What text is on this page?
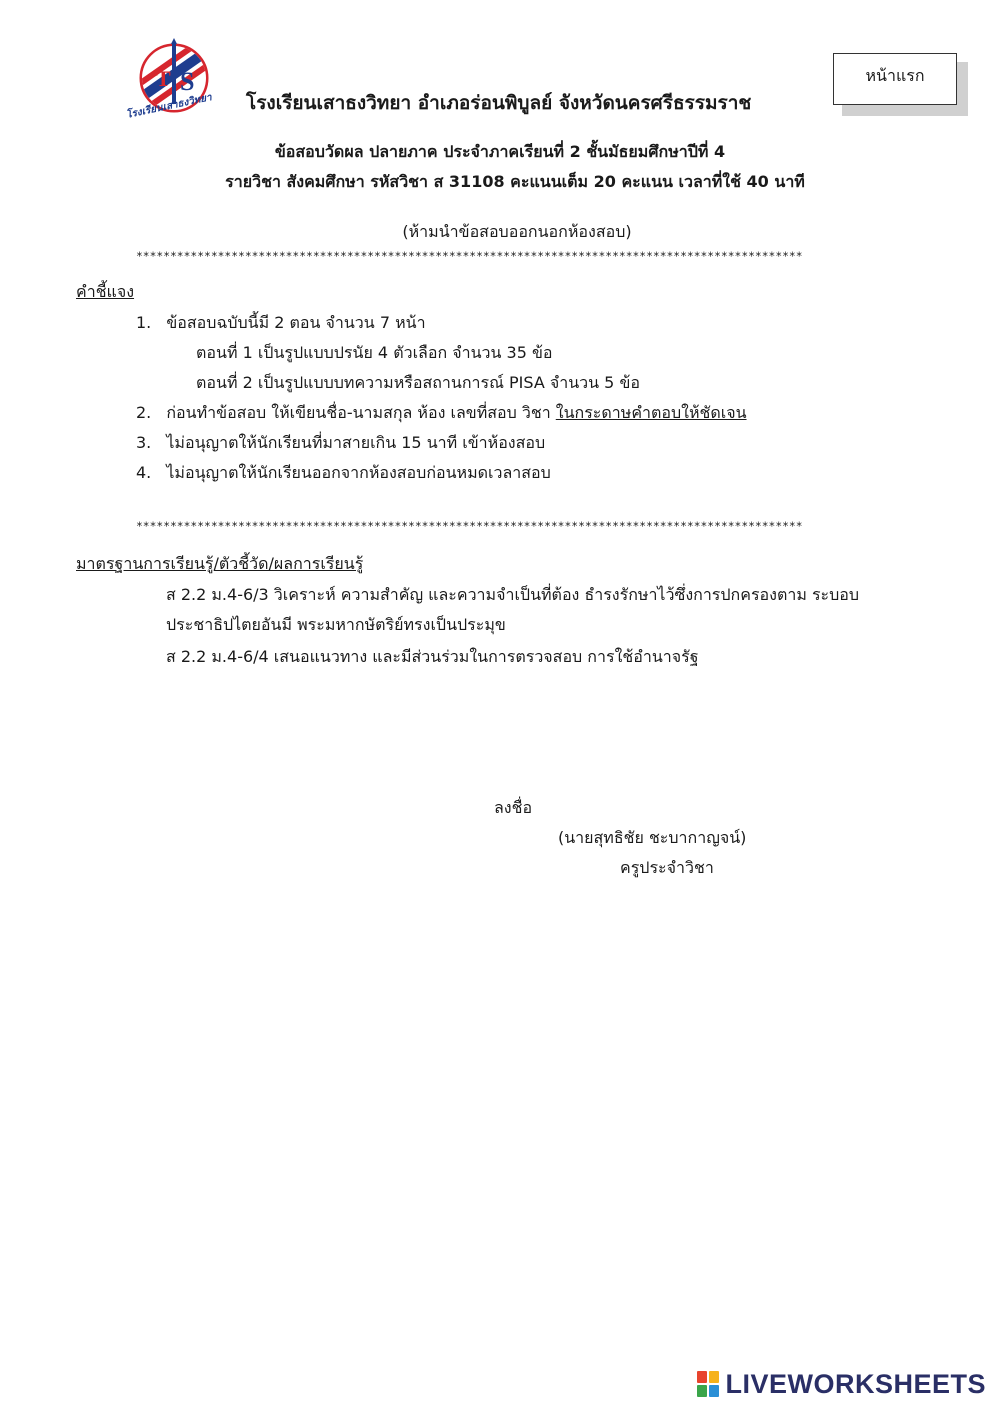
S
T
โรงเรียนเสาธงวิทยา	โรงเรียนเสาธงวิทยา อำเภอร่อนพิบูลย์ จังหวัดนครศรีธรรมราช
ข้อสอบวัดผล ปลายภาค ประจำภาคเรียนที่ 2 ชั้นมัธยมศึกษาปีที่ 4
รายวิชา สังคมศึกษา รหัสวิชา ส 31108 คะแนนเต็ม 20 คะแนน เวลาที่ใช้ 40 นาที
หน้าแรก
(ห้ามนำข้อสอบออกนอกห้องสอบ)
**************************************************************************************************
คำชี้แจง
1. ข้อสอบฉบับนี้มี 2 ตอน จำนวน 7 หน้า
ตอนที่ 1 เป็นรูปแบบปรนัย 4 ตัวเลือก จำนวน 35 ข้อ
ตอนที่ 2 เป็นรูปแบบบทความหรือสถานการณ์ PISA จำนวน 5 ข้อ
2. ก่อนทำข้อสอบ ให้เขียนชื่อ-นามสกุล ห้อง เลขที่สอบ วิชา ในกระดาษคำตอบให้ชัดเจน
3. ไม่อนุญาตให้นักเรียนที่มาสายเกิน 15 นาที เข้าห้องสอบ
4. ไม่อนุญาตให้นักเรียนออกจากห้องสอบก่อนหมดเวลาสอบ
**************************************************************************************************
มาตรฐานการเรียนรู้/ตัวชี้วัด/ผลการเรียนรู้
ส 2.2 ม.4-6/3 วิเคราะห์ ความสำคัญ และความจำเป็นที่ต้อง ธำรงรักษาไว้ซึ่งการปกครองตาม ระบอบ
ประชาธิปไตยอันมี พระมหากษัตริย์ทรงเป็นประมุข
ส 2.2 ม.4-6/4 เสนอแนวทาง และมีส่วนร่วมในการตรวจสอบ การใช้อำนาจรัฐ
ลงชื่อ
(นายสุทธิชัย ชะบากาญจน์)
ครูประจำวิชา
LIVEWORKSHEETS
